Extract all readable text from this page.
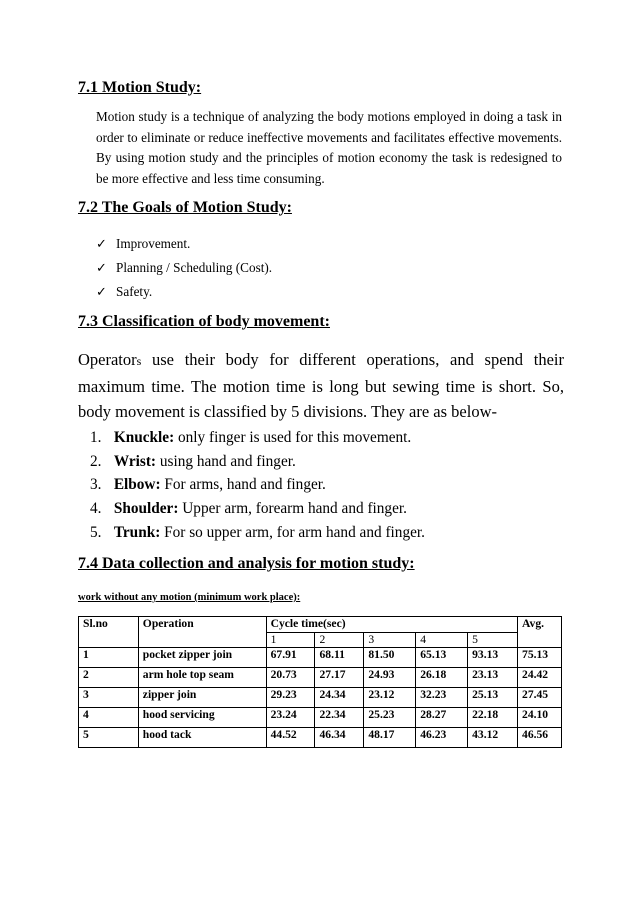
7.1 Motion Study:
Motion study is a technique of analyzing the body motions employed in doing a task in order to eliminate or reduce ineffective movements and facilitates effective movements. By using motion study and the principles of motion economy the task is redesigned to be more effective and less time consuming.
7.2 The Goals of Motion Study:
✓ Improvement.
✓ Planning / Scheduling (Cost).
✓ Safety.
7.3 Classification of body movement:
Operators use their body for different operations, and spend their maximum time. The motion time is long but sewing time is short. So, body movement is classified by 5 divisions. They are as below-
1. Knuckle: only finger is used for this movement.
2. Wrist: using hand and finger.
3. Elbow: For arms, hand and finger.
4. Shoulder: Upper arm, forearm hand and finger.
5. Trunk: For so upper arm, for arm hand and finger.
7.4 Data collection and analysis for motion study:
work without any motion (minimum work place):
Sl.no	Operation	Cycle time(sec)					Avg.
		1	2	3	4	5	
1	pocket zipper join	67.91	68.11	81.50	65.13	93.13	75.13
2	arm hole top seam	20.73	27.17	24.93	26.18	23.13	24.42
3	zipper join	29.23	24.34	23.12	32.23	25.13	27.45
4	hood servicing	23.24	22.34	25.23	28.27	22.18	24.10
5	hood tack	44.52	46.34	48.17	46.23	43.12	46.56
